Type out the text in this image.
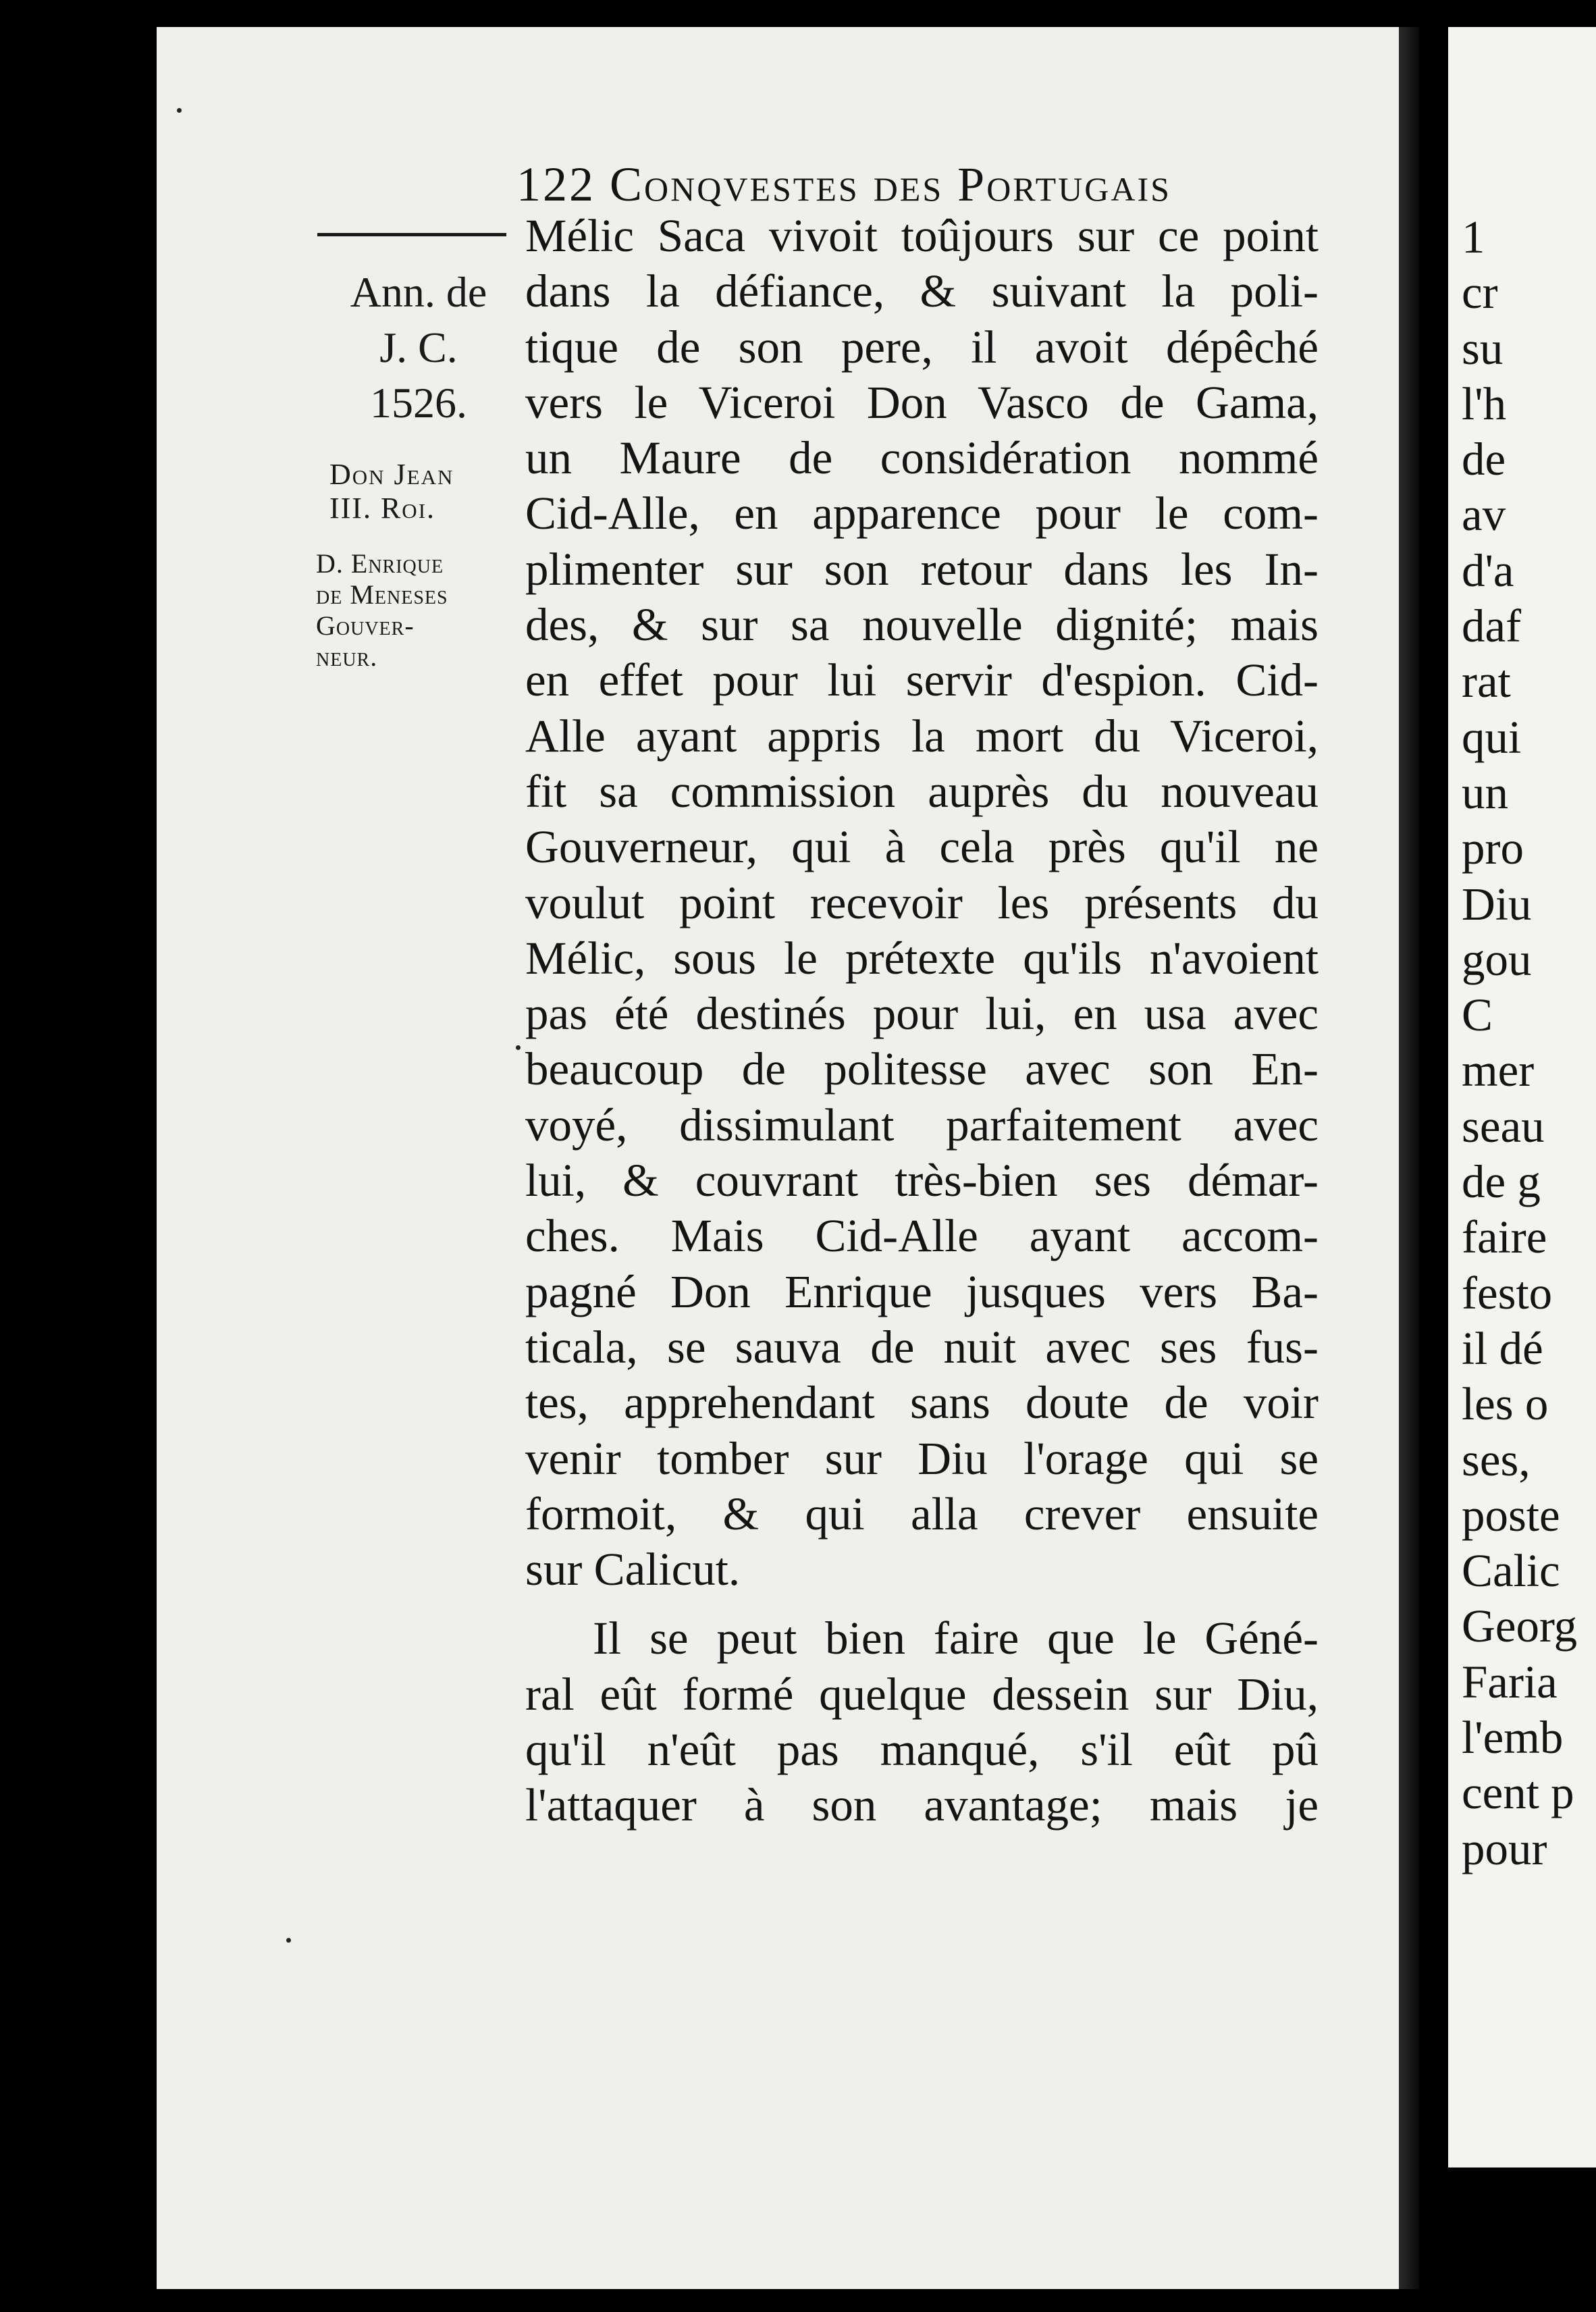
1
cr
su
l'h
de
av
d'a
daf
rat
qui
un
pro
Diu
gou
C
mer
seau
de g
faire
festo
il dé
les o
ses,
poste
Calic
Georg
Faria
l'emb
cent p
pour
122 Conqvestes des Portugais
Ann. de
J. C.
1526.
Don Jean
III. Roi.
D. Enrique
de Meneses
Gouver-
neur.
Mélic Saca vivoit toûjours sur ce point
dans la défiance, & suivant la poli-
tique de son pere, il avoit dépêché
vers le Viceroi Don Vasco de Gama,
un Maure de considération nommé
Cid-Alle, en apparence pour le com-
plimenter sur son retour dans les In-
des, & sur sa nouvelle dignité; mais
en effet pour lui servir d'espion. Cid-
Alle ayant appris la mort du Viceroi,
fit sa commission auprès du nouveau
Gouverneur, qui à cela près qu'il ne
voulut point recevoir les présents du
Mélic, sous le prétexte qu'ils n'avoient
pas été destinés pour lui, en usa avec
beaucoup de politesse avec son En-
voyé, dissimulant parfaitement avec
lui, & couvrant très-bien ses démar-
ches. Mais Cid-Alle ayant accom-
pagné Don Enrique jusques vers Ba-
ticala, se sauva de nuit avec ses fus-
tes, apprehendant sans doute de voir
venir tomber sur Diu l'orage qui se
formoit, & qui alla crever ensuite
sur Calicut.
Il se peut bien faire que le Géné-
ral eût formé quelque dessein sur Diu,
qu'il n'eût pas manqué, s'il eût pû
l'attaquer à son avantage; mais je
